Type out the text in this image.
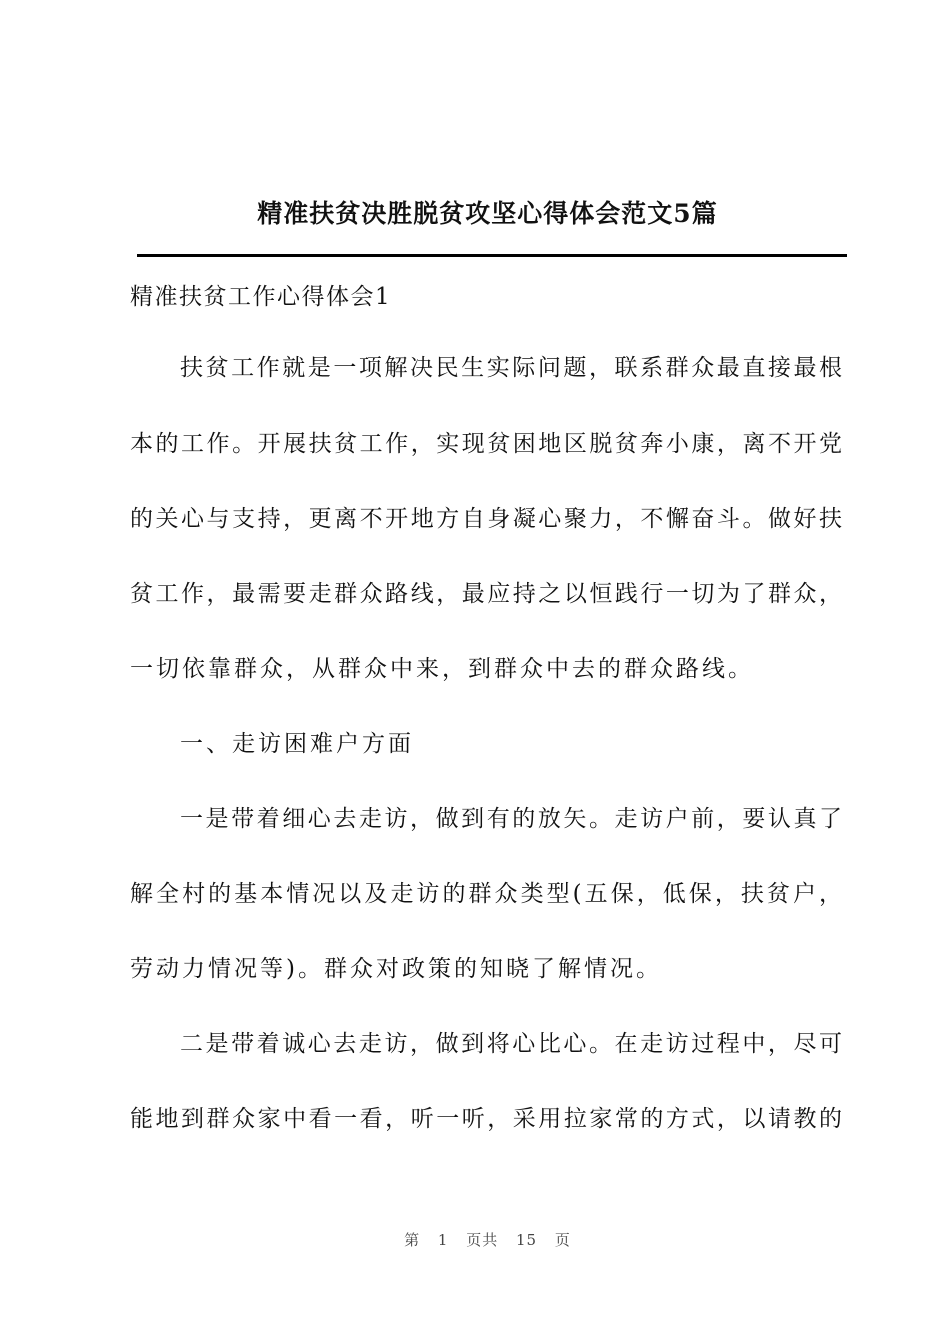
精准扶贫决胜脱贫攻坚心得体会范文5篇

精准扶贫工作心得体会1

扶贫工作就是一项解决民生实际问题，联系群众最直接最根

本的工作。开展扶贫工作，实现贫困地区脱贫奔小康，离不开党

的关心与支持，更离不开地方自身凝心聚力，不懈奋斗。做好扶

贫工作，最需要走群众路线，最应持之以恒践行一切为了群众，

一切依靠群众，从群众中来，到群众中去的群众路线。

一、走访困难户方面

一是带着细心去走访，做到有的放矢。走访户前，要认真了

解全村的基本情况以及走访的群众类型(五保，低保，扶贫户，

劳动力情况等)。群众对政策的知晓了解情况。

二是带着诚心去走访，做到将心比心。在走访过程中，尽可

能地到群众家中看一看，听一听，采用拉家常的方式，以请教的

第 1 页共 15 页
